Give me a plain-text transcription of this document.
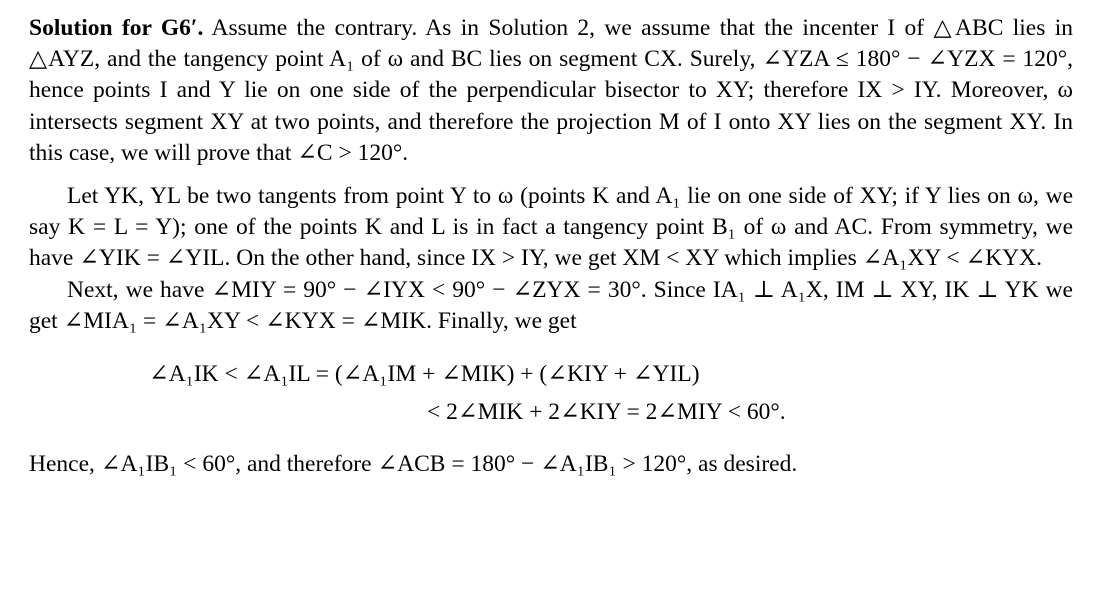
Solution for G6′. Assume the contrary. As in Solution 2, we assume that the incenter I of △ABC lies in △AYZ, and the tangency point A₁ of ω and BC lies on segment CX. Surely, ∠YZA ≤ 180° − ∠YZX = 120°, hence points I and Y lie on one side of the perpendicular bisector to XY; therefore IX > IY. Moreover, ω intersects segment XY at two points, and therefore the projection M of I onto XY lies on the segment XY. In this case, we will prove that ∠C > 120°.

Let YK, YL be two tangents from point Y to ω (points K and A₁ lie on one side of XY; if Y lies on ω, we say K = L = Y); one of the points K and L is in fact a tangency point B₁ of ω and AC. From symmetry, we have ∠YIK = ∠YIL. On the other hand, since IX > IY, we get XM < XY which implies ∠A₁XY < ∠KYX.

Next, we have ∠MIY = 90° − ∠IYX < 90° − ∠ZYX = 30°. Since IA₁ ⊥ A₁X, IM ⊥ XY, IK ⊥ YK we get ∠MIA₁ = ∠A₁XY < ∠KYX = ∠MIK. Finally, we get

∠A₁IK < ∠A₁IL = (∠A₁IM + ∠MIK) + (∠KIY + ∠YIL)
< 2∠MIK + 2∠KIY = 2∠MIY < 60°.

Hence, ∠A₁IB₁ < 60°, and therefore ∠ACB = 180° − ∠A₁IB₁ > 120°, as desired.
